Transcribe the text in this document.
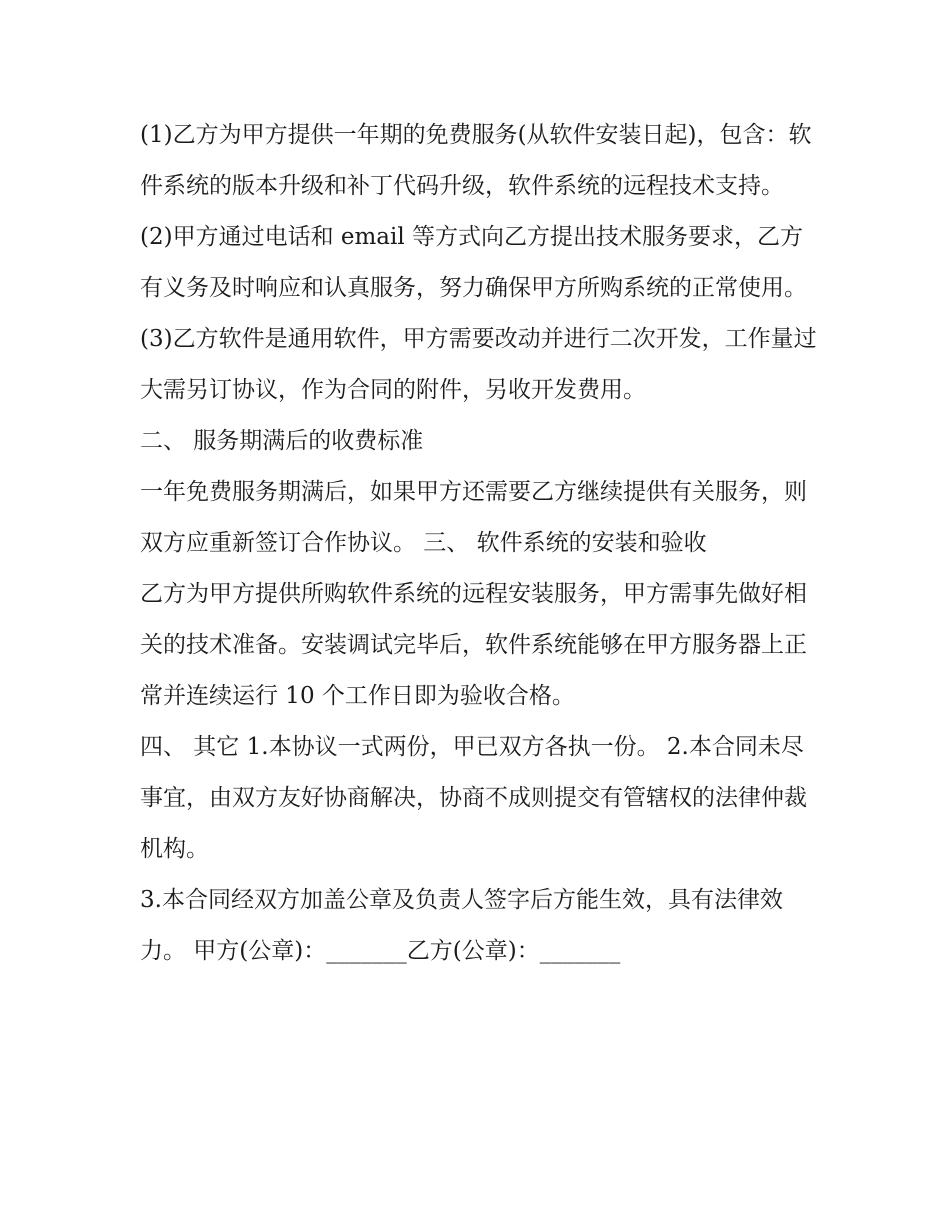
(1)乙方为甲方提供一年期的免费服务(从软件安装日起)，包含：软件系统的版本升级和补丁代码升级，软件系统的远程技术支持。

(2)甲方通过电话和 email 等方式向乙方提出技术服务要求，乙方有义务及时响应和认真服务，努力确保甲方所购系统的正常使用。

(3)乙方软件是通用软件，甲方需要改动并进行二次开发，工作量过大需另订协议，作为合同的附件，另收开发费用。

二、 服务期满后的收费标准

一年免费服务期满后，如果甲方还需要乙方继续提供有关服务，则双方应重新签订合作协议。 三、 软件系统的安装和验收

乙方为甲方提供所购软件系统的远程安装服务，甲方需事先做好相关的技术准备。安装调试完毕后，软件系统能够在甲方服务器上正常并连续运行 10 个工作日即为验收合格。

四、 其它 1.本协议一式两份，甲已双方各执一份。 2.本合同未尽事宜，由双方友好协商解决，协商不成则提交有管辖权的法律仲裁机构。

3.本合同经双方加盖公章及负责人签字后方能生效，具有法律效力。 甲方(公章)：_______乙方(公章)：_______
